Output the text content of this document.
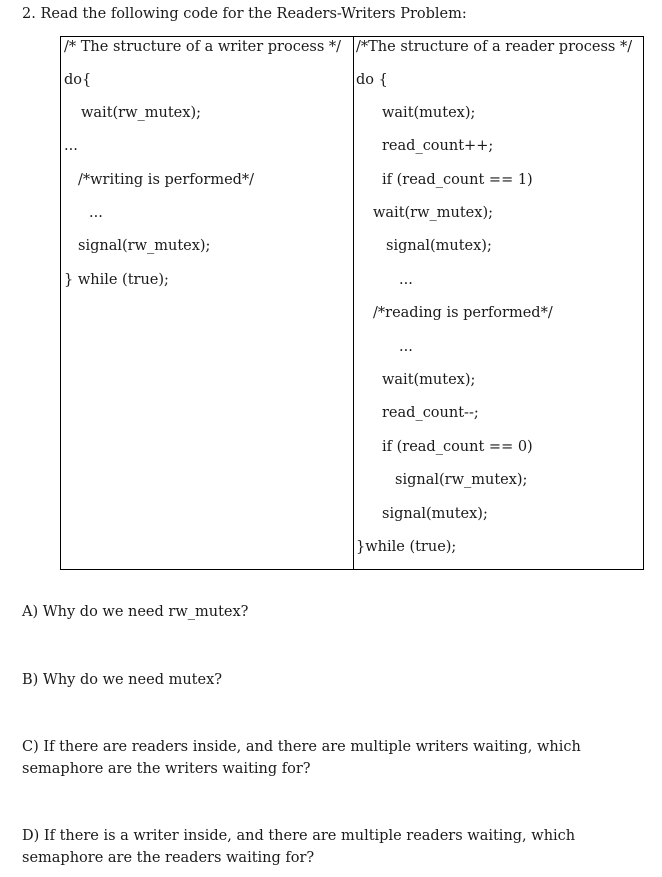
2. Read the following code for the Readers-Writers Problem:
/* The structure of a writer process */
do{
wait(rw_mutex);
...
/*writing is performed*/
...
signal(rw_mutex);
} while (true);
/*The structure of a reader process */
do {
wait(mutex);
read_count++;
if (read_count == 1)
wait(rw_mutex);
signal(mutex);
...
/*reading is performed*/
...
wait(mutex);
read_count--;
if (read_count == 0)
signal(rw_mutex);
signal(mutex);
}while (true);
A) Why do we need rw_mutex?
B) Why do we need mutex?
C) If there are readers inside, and there are multiple writers waiting, which semaphore are the writers waiting for?
D) If there is a writer inside, and there are multiple readers waiting, which semaphore are the readers waiting for?
